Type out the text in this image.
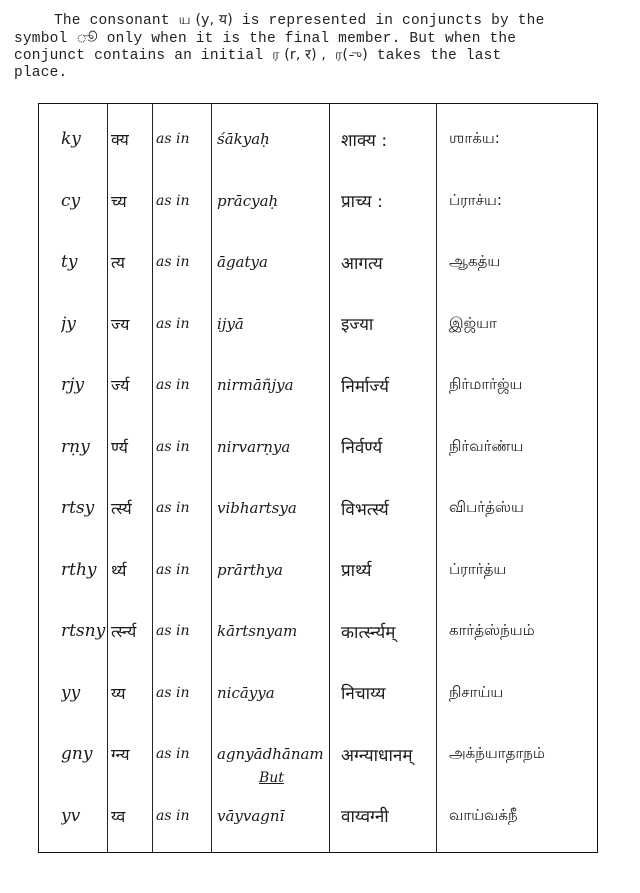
The consonant ய (y, य) is represented in conjuncts by the

symbol ூ only when it is the final member. But when the

conjunct contains an initial ர (r, र) , ர(-ு) takes the last

place.

ky	क्य	as in	śākyaḥ	शाक्य :	ஶாக்ய:
cy	च्य	as in	prācyaḥ	प्राच्य :	ப்ராச்ய:
ty	त्य	as in	āgatya	आगत्य	ஆகத்ய
jy	ज्य	as in	ijyā	इज्या	இஜ்யா
rjy	र्ज्य	as in	nirmāñjya	निर्मार्ज्य	நிர்மார்ஜ்ய
rṇy	र्ण्य	as in	nirvarṇya	निर्वर्ण्य	நிர்வர்ண்ய
rtsy	र्त्स्य	as in	vibhartsya	विभर्त्स्य	விபர்த்ஸ்ய
rthy र्थ्य	as in	prārthya	प्रार्थ्य	ப்ரார்த்ய
rtsny र्त्स्न्य	as in	kārtsnyam	कार्त्स्न्यम्	கார்த்ஸ்ந்யம்
yy	य्य	as in	nicāyya	निचाय्य	நிசாய்ய
gny	ग्न्य	as in	agnyādhānam	अग्न्याधानम्	அக்ந்யாதாநம்
yv	य्व	as in	vāyvagnī	वाय्वग्नी	வாய்வக்நீ
But
